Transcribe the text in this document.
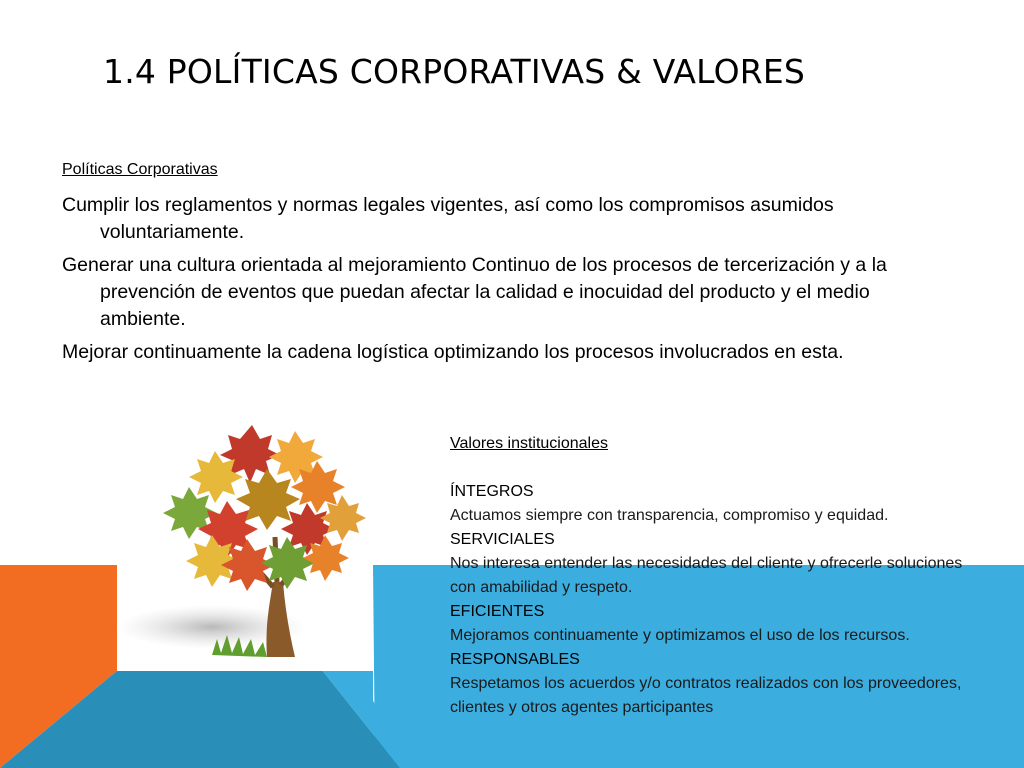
1.4 POLÍTICAS CORPORATIVAS & VALORES

Políticas Corporativas

Cumplir los reglamentos y normas legales vigentes, así como los compromisos asumidos voluntariamente.

Generar una cultura orientada al mejoramiento Continuo de los procesos de tercerización y a la prevención de eventos que puedan afectar la calidad e inocuidad del producto y el medio ambiente.

Mejorar continuamente la cadena logística optimizando los procesos involucrados en esta.

Valores institucionales

ÍNTEGROS

Actuamos siempre con transparencia, compromiso y equidad.

SERVICIALES

Nos interesa entender las necesidades del cliente y ofrecerle soluciones con amabilidad y respeto.

EFICIENTES

Mejoramos continuamente y optimizamos el uso de los recursos.

RESPONSABLES

Respetamos los acuerdos y/o contratos realizados con los proveedores, clientes y otros agentes participantes
